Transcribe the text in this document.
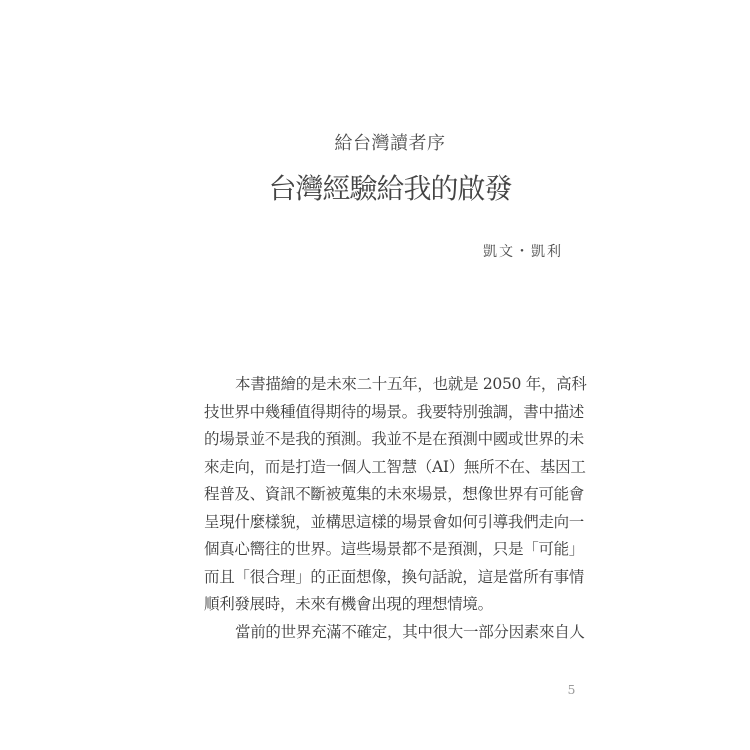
給台灣讀者序
台灣經驗給我的啟發
凱文・凱利
本書描繪的是未來二十五年，也就是 2050 年，高科
技世界中幾種值得期待的場景。我要特別強調，書中描述
的場景並不是我的預測。我並不是在預測中國或世界的未
來走向，而是打造一個人工智慧（AI）無所不在、基因工
程普及、資訊不斷被蒐集的未來場景，想像世界有可能會
呈現什麼樣貌，並構思這樣的場景會如何引導我們走向一
個真心嚮往的世界。這些場景都不是預測，只是「可能」
而且「很合理」的正面想像，換句話說，這是當所有事情
順利發展時，未來有機會出現的理想情境。
當前的世界充滿不確定，其中很大一部分因素來自人
5
